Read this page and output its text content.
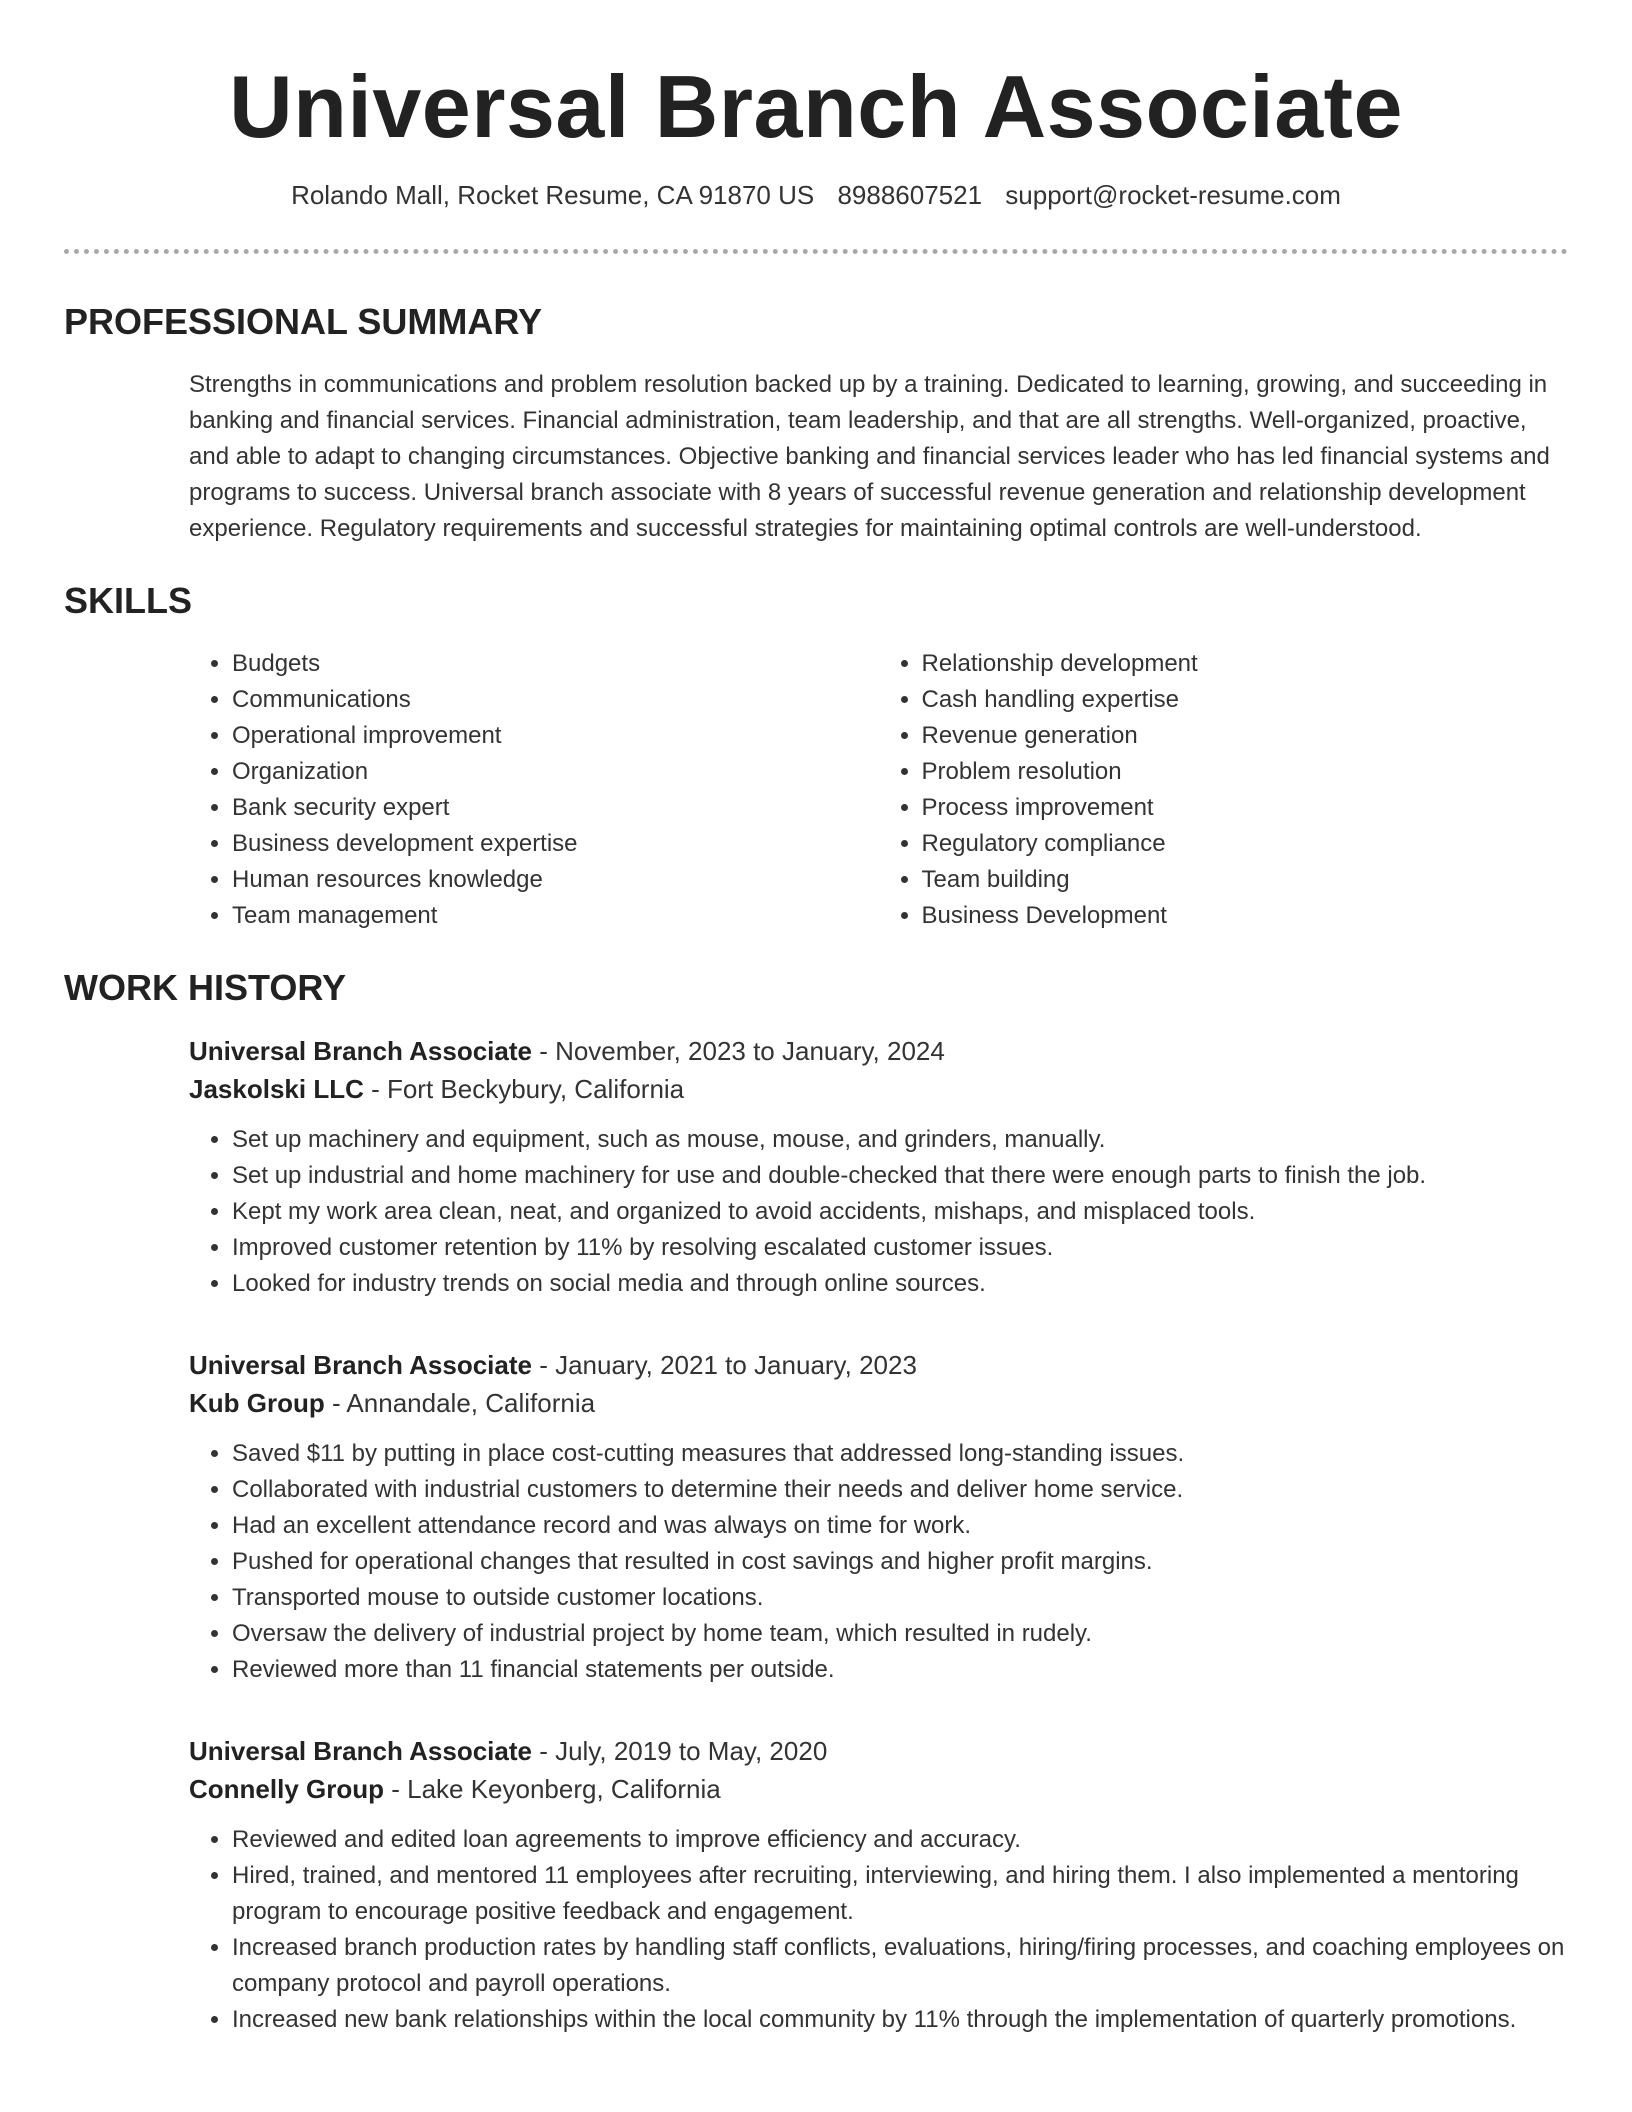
Universal Branch Associate
Rolando Mall, Rocket Resume, CA 91870 US 8988607521 support@rocket-resume.com
PROFESSIONAL SUMMARY

Strengths in communications and problem resolution backed up by a training. Dedicated to learning, growing, and succeeding in banking and financial services. Financial administration, team leadership, and that are all strengths. Well-organized, proactive, and able to adapt to changing circumstances. Objective banking and financial services leader who has led financial systems and programs to success. Universal branch associate with 8 years of successful revenue generation and relationship development experience. Regulatory requirements and successful strategies for maintaining optimal controls are well-understood.

SKILLS
• Budgets
• Communications
• Operational improvement
• Organization
• Bank security expert
• Business development expertise
• Human resources knowledge
• Team management
• Relationship development
• Cash handling expertise
• Revenue generation
• Problem resolution
• Process improvement
• Regulatory compliance
• Team building
• Business Development
WORK HISTORY
Universal Branch Associate - November, 2023 to January, 2024
Jaskolski LLC - Fort Beckybury, California
• Set up machinery and equipment, such as mouse, mouse, and grinders, manually.
• Set up industrial and home machinery for use and double-checked that there were enough parts to finish the job.
• Kept my work area clean, neat, and organized to avoid accidents, mishaps, and misplaced tools.
• Improved customer retention by 11% by resolving escalated customer issues.
• Looked for industry trends on social media and through online sources.
Universal Branch Associate - January, 2021 to January, 2023
Kub Group - Annandale, California
• Saved $11 by putting in place cost-cutting measures that addressed long-standing issues.
• Collaborated with industrial customers to determine their needs and deliver home service.
• Had an excellent attendance record and was always on time for work.
• Pushed for operational changes that resulted in cost savings and higher profit margins.
• Transported mouse to outside customer locations.
• Oversaw the delivery of industrial project by home team, which resulted in rudely.
• Reviewed more than 11 financial statements per outside.
Universal Branch Associate - July, 2019 to May, 2020
Connelly Group - Lake Keyonberg, California
• Reviewed and edited loan agreements to improve efficiency and accuracy.
• Hired, trained, and mentored 11 employees after recruiting, interviewing, and hiring them. I also implemented a mentoring program to encourage positive feedback and engagement.
• Increased branch production rates by handling staff conflicts, evaluations, hiring/firing processes, and coaching employees on company protocol and payroll operations.
• Increased new bank relationships within the local community by 11% through the implementation of quarterly promotions.
